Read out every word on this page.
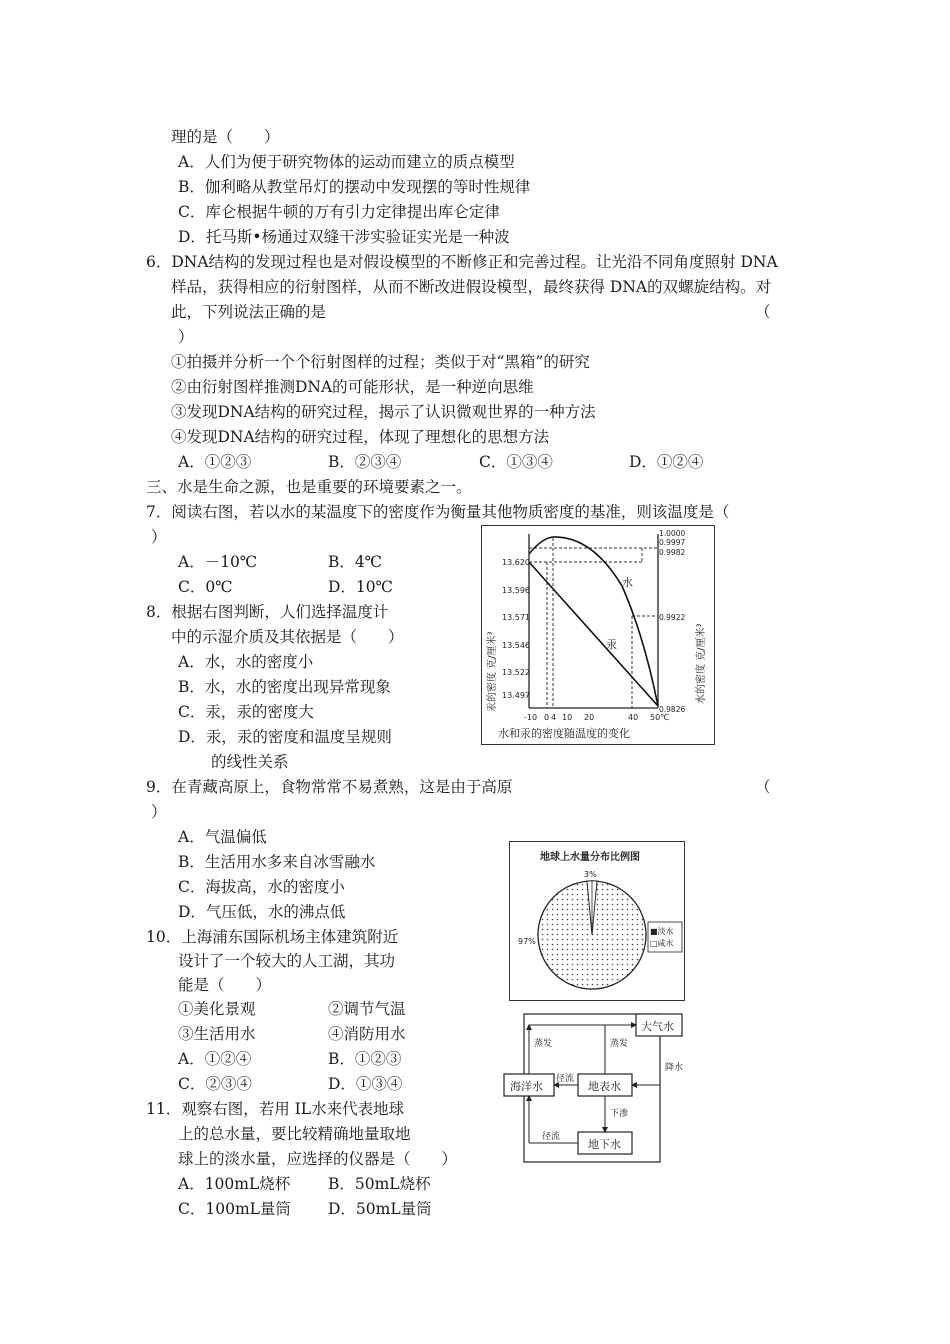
理的是（　　）
A．人们为便于研究物体的运动而建立的质点模型
B．伽利略从教堂吊灯的摆动中发现摆的等时性规律
C．库仑根据牛顿的万有引力定律提出库仑定律
D．托马斯•杨通过双缝干涉实验证实光是一种波
6．DNA结构的发现过程也是对假设模型的不断修正和完善过程。让光沿不同角度照射 DNA
样品，获得相应的衍射图样，从而不断改进假设模型，最终获得 DNA的双螺旋结构。对
此，下列说法正确的是	（
）
①拍摄并分析一个个衍射图样的过程；类似于对“黑箱”的研究
②由衍射图样推测DNA的可能形状，是一种逆向思维
③发现DNA结构的研究过程，揭示了认识微观世界的一种方法
④发现DNA结构的研究过程，体现了理想化的思想方法
A．①②③	B．②③④	C．①③④	D．①②④
三、水是生命之源，也是重要的环境要素之一。
7．阅读右图，若以水的某温度下的密度作为衡量其他物质密度的基准，则该温度是（
）
A．－10℃	B．4℃
C．0℃	D．10℃
8．根据右图判断，人们选择温度计
中的示湿介质及其依据是（　　）
A．水，水的密度小
B．水，水的密度出现异常现象
C．汞，汞的密度大
D．汞，汞的密度和温度呈规则
的线性关系
9．在青藏高原上，食物常常不易煮熟，这是由于高原	（
）
A．气温偏低
B．生活用水多来自冰雪融水
C．海拔高，水的密度小
D．气压低，水的沸点低
10．上海浦东国际机场主体建筑附近
设计了一个较大的人工湖，其功
能是（　　）
①美化景观	②调节气温
③生活用水	④消防用水
A．①②④	B．①②③
C．②③④	D．①③④
11．观察右图，若用 IL水来代表地球
上的总水量，要比较精确地量取地
球上的淡水量，应选择的仪器是（　　）
A．100mL烧杯 B．50mL烧杯
C．100mL量筒 D．50mL量筒
水
汞
13.620
13.596
13.571
13.546
13.522
13.497
1.0000
0.9997
0.9982
0.9922
0.9826
-10 0 4 10 20	40 50℃
汞的密度 克/厘米³	水的密度 克/厘米³
水和汞的密度随温度的变化
地球上水量分布比例图
3%
97%
■淡水
□咸水
大气水
地表水
海洋水
地下水
蒸发	蒸发
降水
径流
下渗
径流
